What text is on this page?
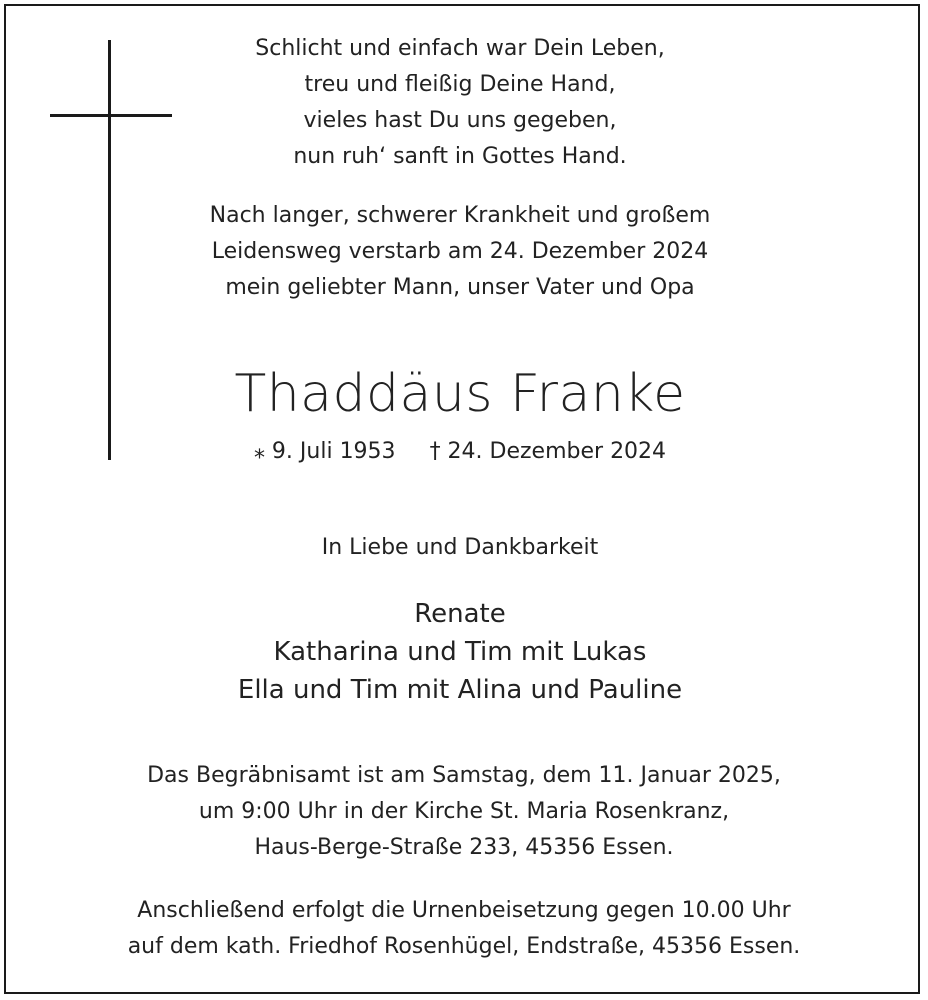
Schlicht und einfach war Dein Leben,

treu und fleißig Deine Hand,

vieles hast Du uns gegeben,

nun ruh‘ sanft in Gottes Hand.

Nach langer, schwerer Krankheit und großem

Leidensweg verstarb am 24. Dezember 2024

mein geliebter Mann, unser Vater und Opa

Thaddäus Franke
⁎ 9. Juli 1953 † 24. Dezember 2024

In Liebe und Dankbarkeit

Renate

Katharina und Tim mit Lukas

Ella und Tim mit Alina und Pauline

Das Begräbnisamt ist am Samstag, dem 11. Januar 2025,

um 9:00 Uhr in der Kirche St. Maria Rosenkranz,

Haus-Berge-Straße 233, 45356 Essen.

Anschließend erfolgt die Urnenbeisetzung gegen 10.00 Uhr

auf dem kath. Friedhof Rosenhügel, Endstraße, 45356 Essen.
